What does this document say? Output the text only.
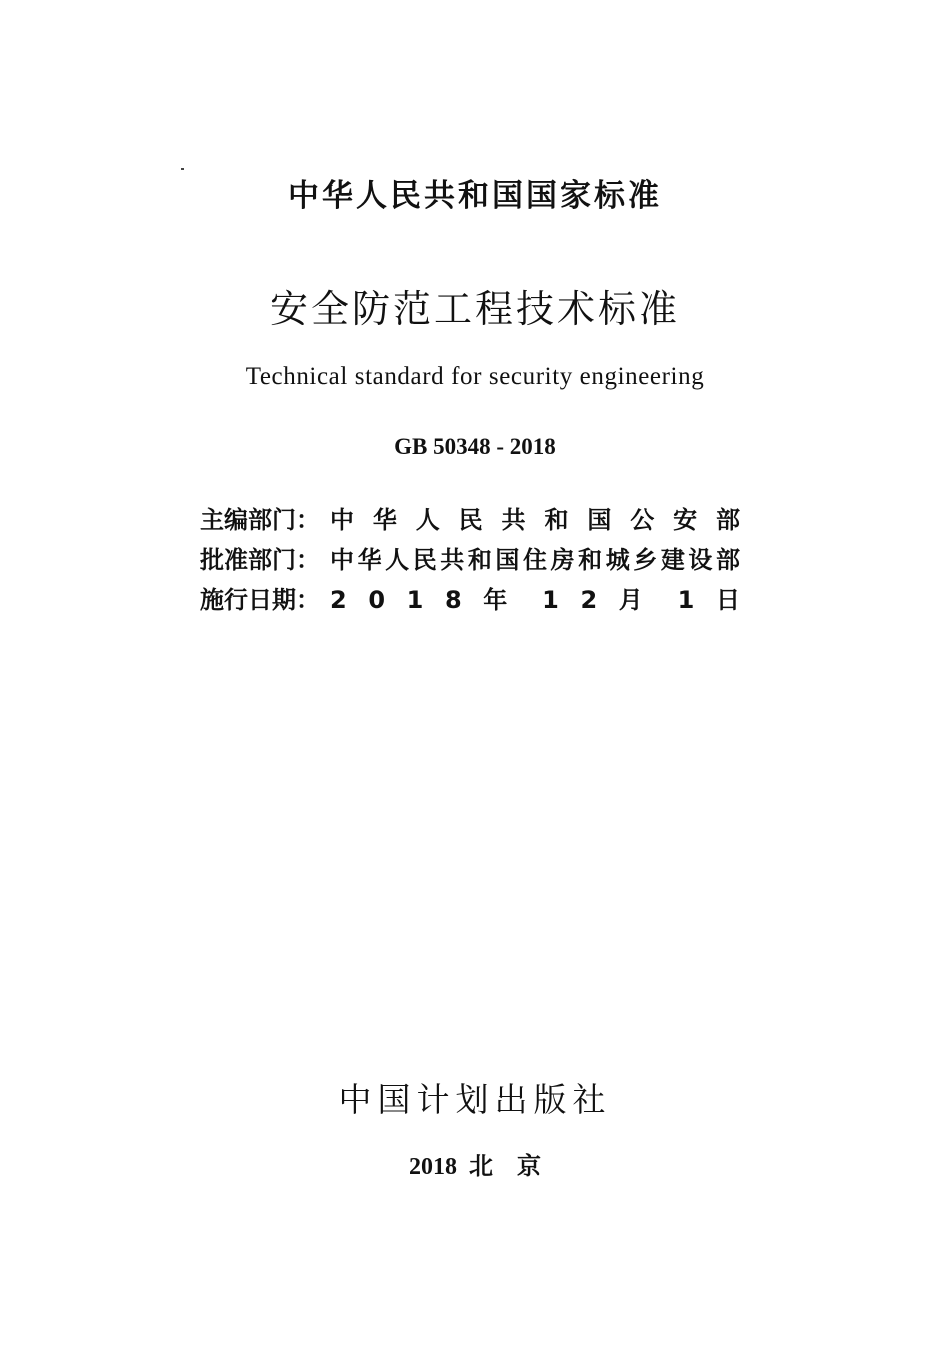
中华人民共和国国家标准
安全防范工程技术标准
Technical standard for security engineering
GB 50348 - 2018
主编部门： 中 华 人 民 共 和 国 公 安 部
批准部门： 中华人民共和国住房和城乡建设部
施行日期： 2 0 1 8 年 1 2 月 1 日
中国计划出版社
2018  北    京
